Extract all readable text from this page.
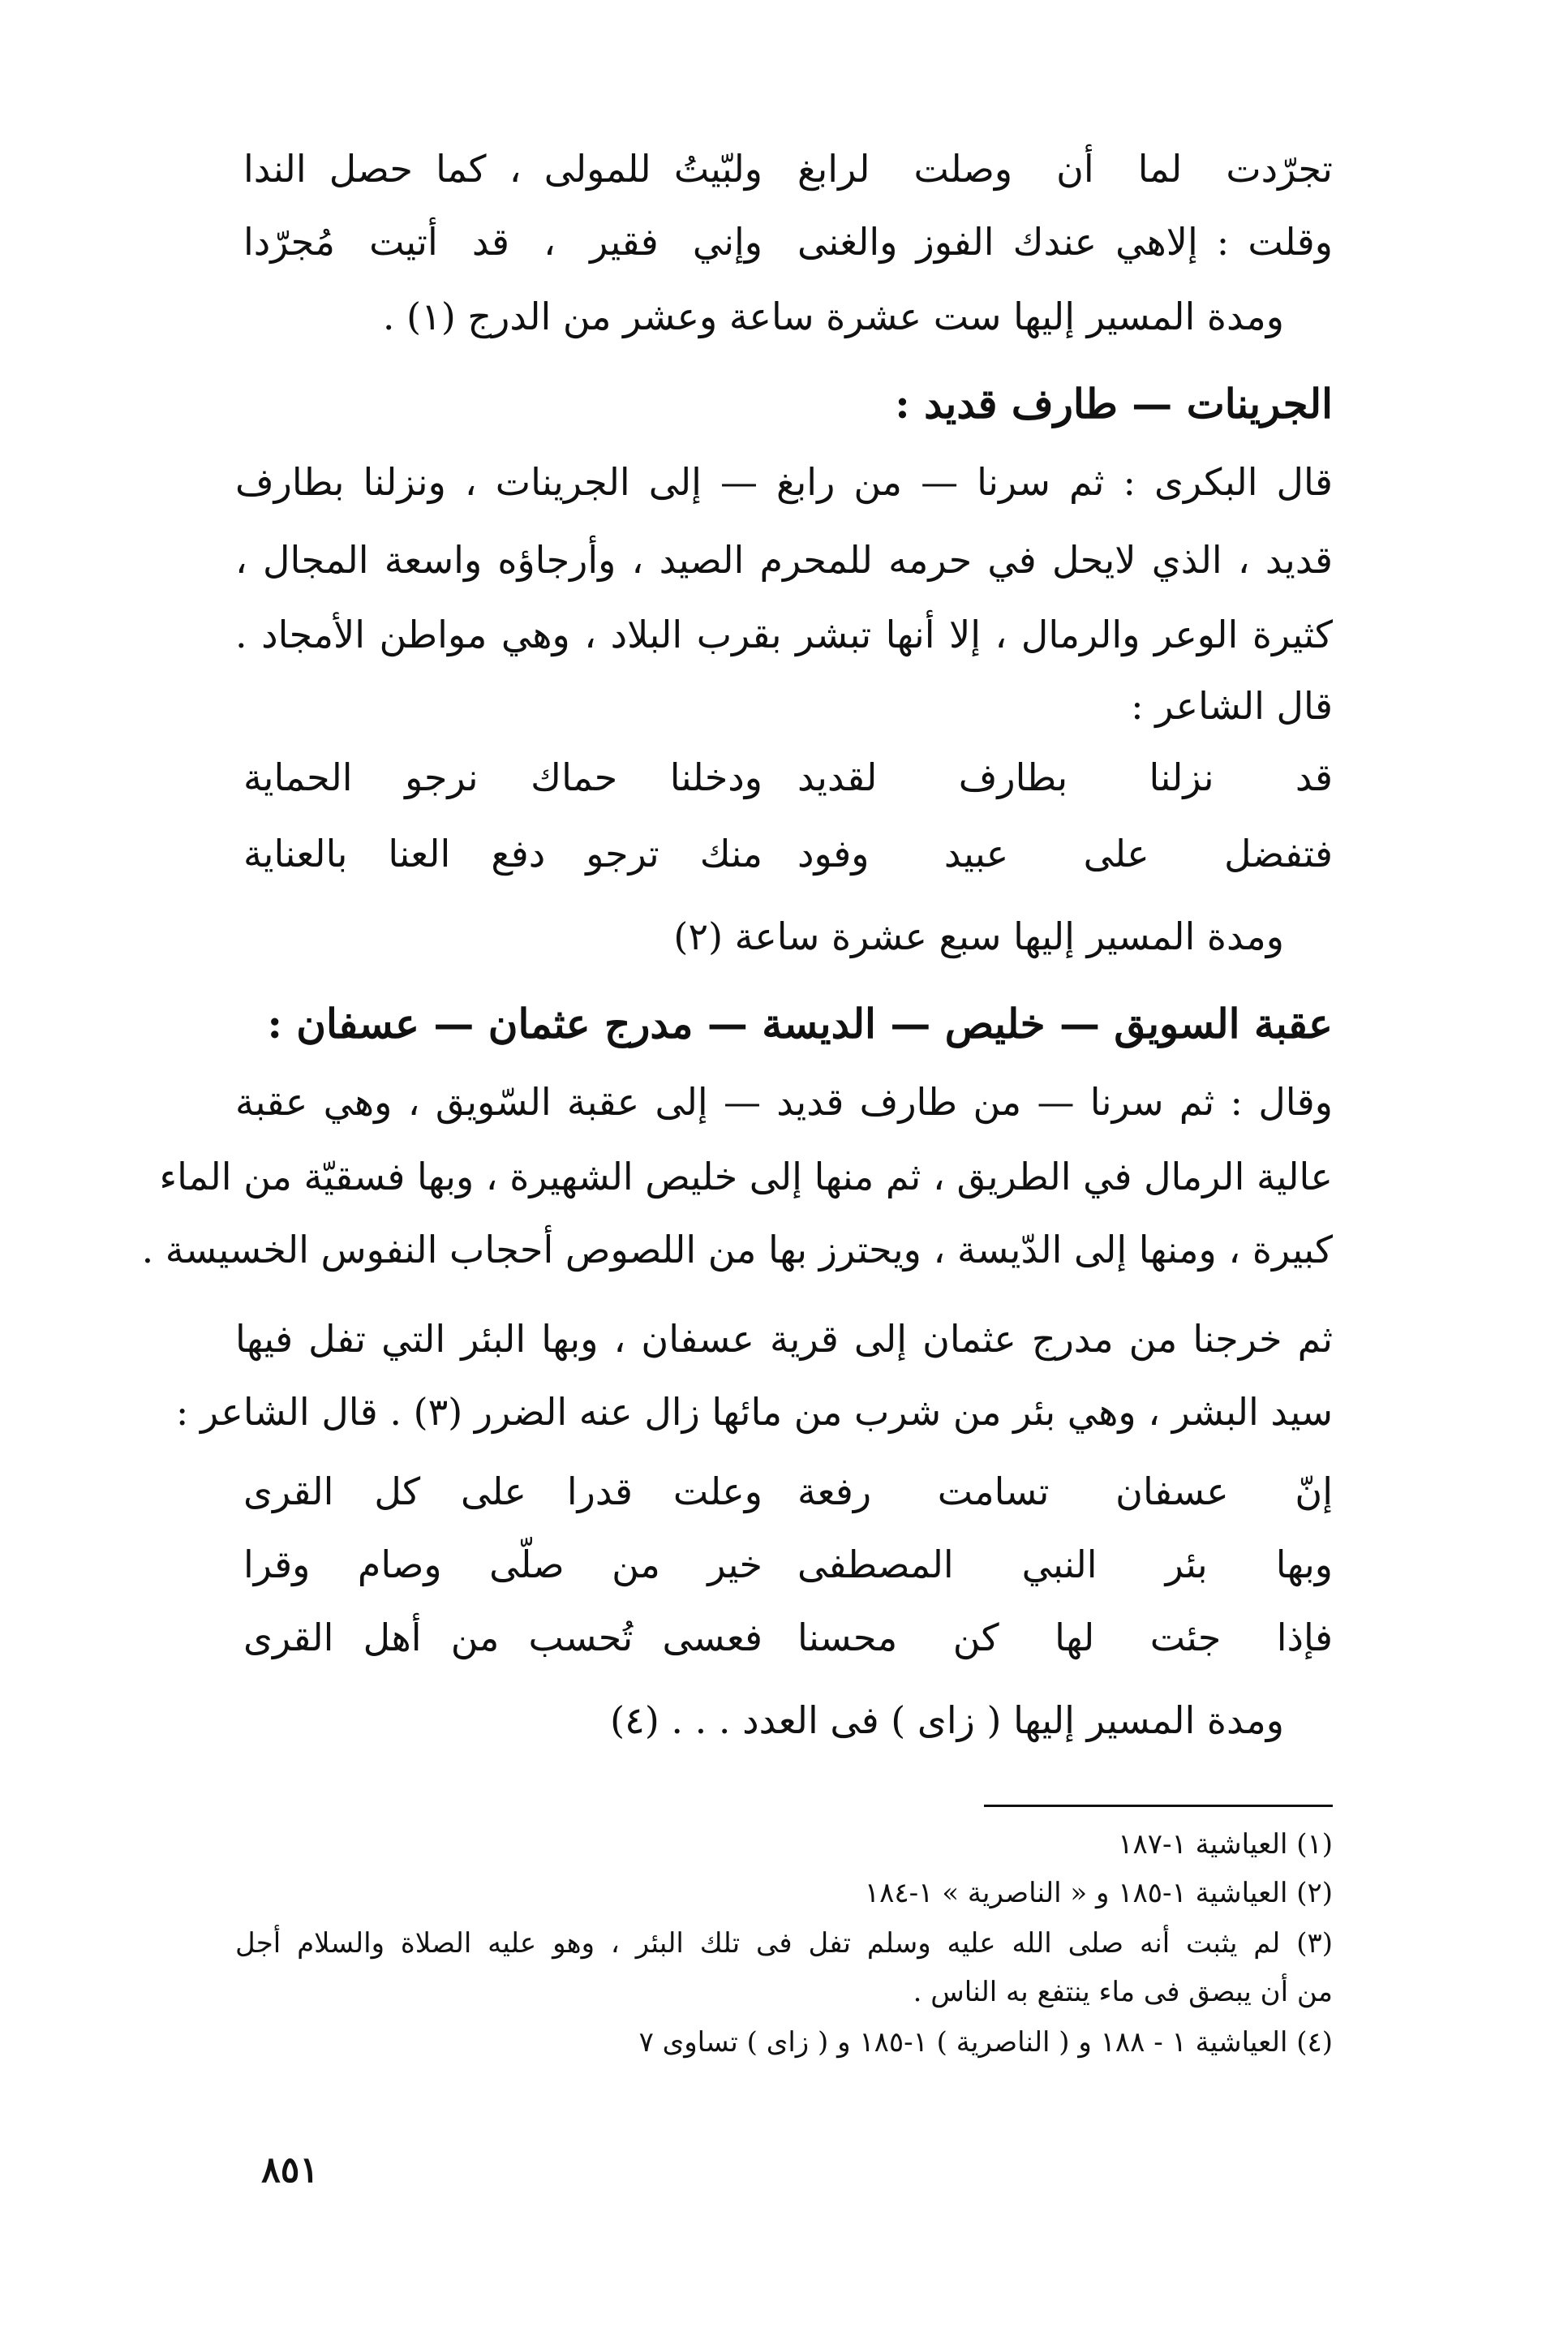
تجرّدت لما أن وصلت لرابغ
ولبّيتُ للمولى ، كما حصل الندا
وقلت : إلاهي عندك الفوز والغنى
وإني فقير ، قد أتيت مُجرّدا
ومدة المسير إليها ست عشرة ساعة وعشر من الدرج (١) .
الجرينات — طارف قديد :
قال البكرى : ثم سرنا — من رابغ — إلى الجرينات ، ونزلنا بطارف
قديد ، الذي لايحل في حرمه للمحرم الصيد ، وأرجاؤه واسعة المجال ،
كثيرة الوعر والرمال ، إلا أنها تبشر بقرب البلاد ، وهي مواطن الأمجاد .
قال الشاعر :
قد نزلنا بطارف لقديد
ودخلنا حماك نرجو الحماية
فتفضل على عبيد وفود
منك ترجو دفع العنا بالعناية
ومدة المسير إليها سبع عشرة ساعة (٢)
عقبة السويق — خليص — الديسة — مدرج عثمان — عسفان :
وقال : ثم سرنا — من طارف قديد — إلى عقبة السّويق ، وهي عقبة
عالية الرمال في الطريق ، ثم منها إلى خليص الشهيرة ، وبها فسقيّة من الماء
كبيرة ، ومنها إلى الدّيسة ، ويحترز بها من اللصوص أحجاب النفوس الخسيسة .
ثم خرجنا من مدرج عثمان إلى قرية عسفان ، وبها البئر التي تفل فيها
سيد البشر ، وهي بئر من شرب من مائها زال عنه الضرر (٣) . قال الشاعر :
إنّ عسفان تسامت رفعة
وعلت قدرا على كل القرى
وبها بئر النبي المصطفى
خير من صلّى وصام وقرا
فإذا جئت لها كن محسنا
فعسى تُحسب من أهل القرى
ومدة المسير إليها ( زاى ) فى العدد . . . (٤)
(١) العياشية ١-١٨٧
(٢) العياشية ١-١٨٥ و « الناصرية » ١-١٨٤
(٣) لم يثبت أنه صلى الله عليه وسلم تفل فى تلك البئر ، وهو عليه الصلاة والسلام أجل
من أن يبصق فى ماء ينتفع به الناس .
(٤) العياشية ١ - ١٨٨ و ( الناصرية ) ١-١٨٥ و ( زاى ) تساوى ٧
٨٥١
